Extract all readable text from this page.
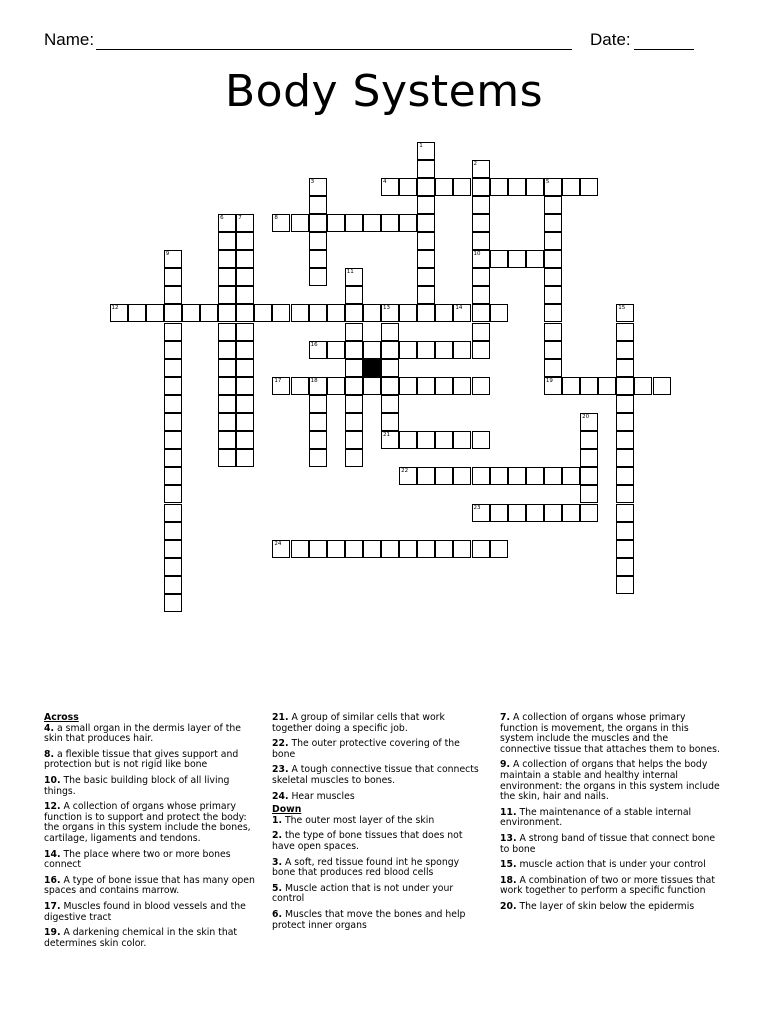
Name:	Date:
Body Systems
4	5
8
10
12	13	14
16
17	18	19
21
22
23
24
1
2
3
6	7
9
11
15
20
Across
4. a small organ in the dermis layer of the skin that produces hair.
8. a flexible tissue that gives support and protection but is not rigid like bone
10. The basic building block of all living things.
12. A collection of organs whose primary function is to support and protect the body: the organs in this system include the bones, cartilage, ligaments and tendons.
14. The place where two or more bones connect
16. A type of bone issue that has many open spaces and contains marrow.
17. Muscles found in blood vessels and the digestive tract
19. A darkening chemical in the skin that determines skin color.
21. A group of similar cells that work together doing a specific job.
22. The outer protective covering of the bone
23. A tough connective tissue that connects skeletal muscles to bones.
24. Hear muscles
Down
1. The outer most layer of the skin
2. the type of bone tissues that does not have open spaces.
3. A soft, red tissue found int he spongy bone that produces red blood cells
5. Muscle action that is not under your control
6. Muscles that move the bones and help protect inner organs
7. A collection of organs whose primary function is movement, the organs in this system include the muscles and the connective tissue that attaches them to bones.
9. A collection of organs that helps the body maintain a stable and healthy internal environment: the organs in this system include the skin, hair and nails.
11. The maintenance of a stable internal environment.
13. A strong band of tissue that connect bone to bone
15. muscle action that is under your control
18. A combination of two or more tissues that work together to perform a specific function
20. The layer of skin below the epidermis
